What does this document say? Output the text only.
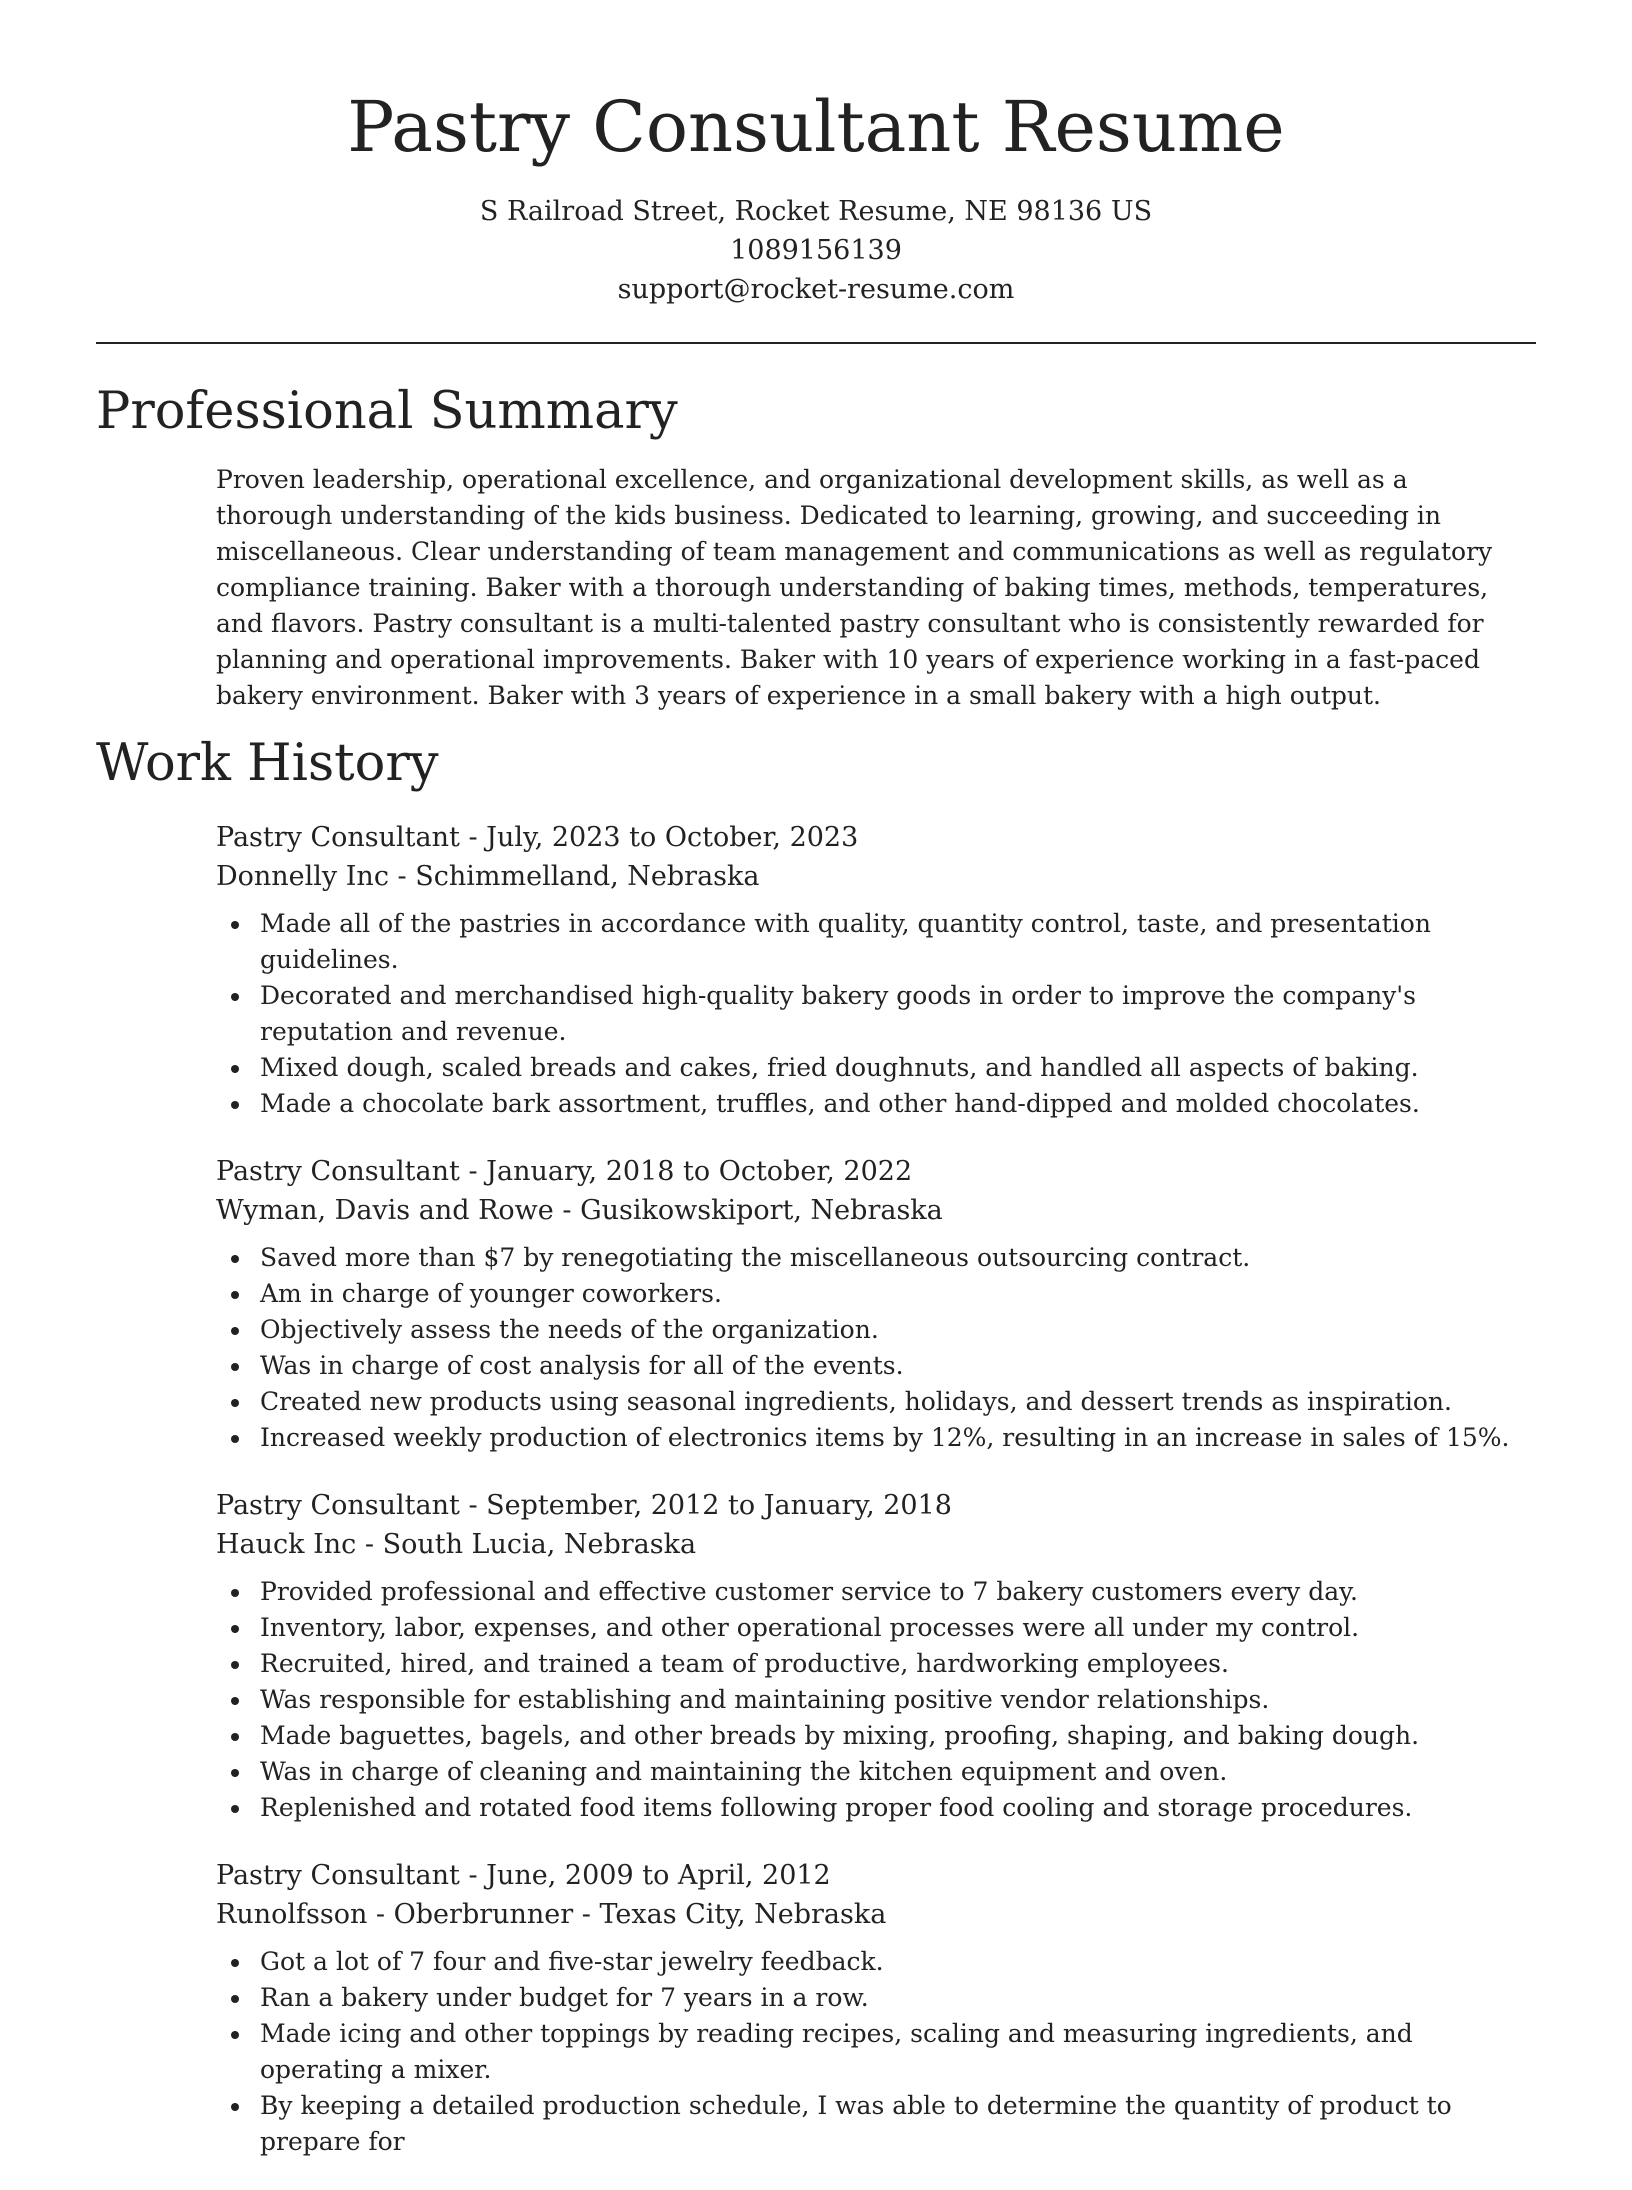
Pastry Consultant Resume
S Railroad Street, Rocket Resume, NE 98136 US
1089156139
support@rocket-resume.com
Professional Summary

Proven leadership, operational excellence, and organizational development skills, as well as a thorough understanding of the kids business. Dedicated to learning, growing, and succeeding in miscellaneous. Clear understanding of team management and communications as well as regulatory compliance training. Baker with a thorough understanding of baking times, methods, temperatures, and flavors. Pastry consultant is a multi-talented pastry consultant who is consistently rewarded for planning and operational improvements. Baker with 10 years of experience working in a fast-paced bakery environment. Baker with 3 years of experience in a small bakery with a high output.

Work History
Pastry Consultant - July, 2023 to October, 2023
Donnelly Inc - Schimmelland, Nebraska
Made all of the pastries in accordance with quality, quantity control, taste, and presentation guidelines.
Decorated and merchandised high-quality bakery goods in order to improve the company's reputation and revenue.
Mixed dough, scaled breads and cakes, fried doughnuts, and handled all aspects of baking.
Made a chocolate bark assortment, truffles, and other hand-dipped and molded chocolates.
Pastry Consultant - January, 2018 to October, 2022
Wyman, Davis and Rowe - Gusikowskiport, Nebraska
Saved more than $7 by renegotiating the miscellaneous outsourcing contract.
Am in charge of younger coworkers.
Objectively assess the needs of the organization.
Was in charge of cost analysis for all of the events.
Created new products using seasonal ingredients, holidays, and dessert trends as inspiration.
Increased weekly production of electronics items by 12%, resulting in an increase in sales of 15%.
Pastry Consultant - September, 2012 to January, 2018
Hauck Inc - South Lucia, Nebraska
Provided professional and effective customer service to 7 bakery customers every day.
Inventory, labor, expenses, and other operational processes were all under my control.
Recruited, hired, and trained a team of productive, hardworking employees.
Was responsible for establishing and maintaining positive vendor relationships.
Made baguettes, bagels, and other breads by mixing, proofing, shaping, and baking dough.
Was in charge of cleaning and maintaining the kitchen equipment and oven.
Replenished and rotated food items following proper food cooling and storage procedures.
Pastry Consultant - June, 2009 to April, 2012
Runolfsson - Oberbrunner - Texas City, Nebraska
Got a lot of 7 four and five-star jewelry feedback.
Ran a bakery under budget for 7 years in a row.
Made icing and other toppings by reading recipes, scaling and measuring ingredients, and operating a mixer.
By keeping a detailed production schedule, I was able to determine the quantity of product to prepare for
